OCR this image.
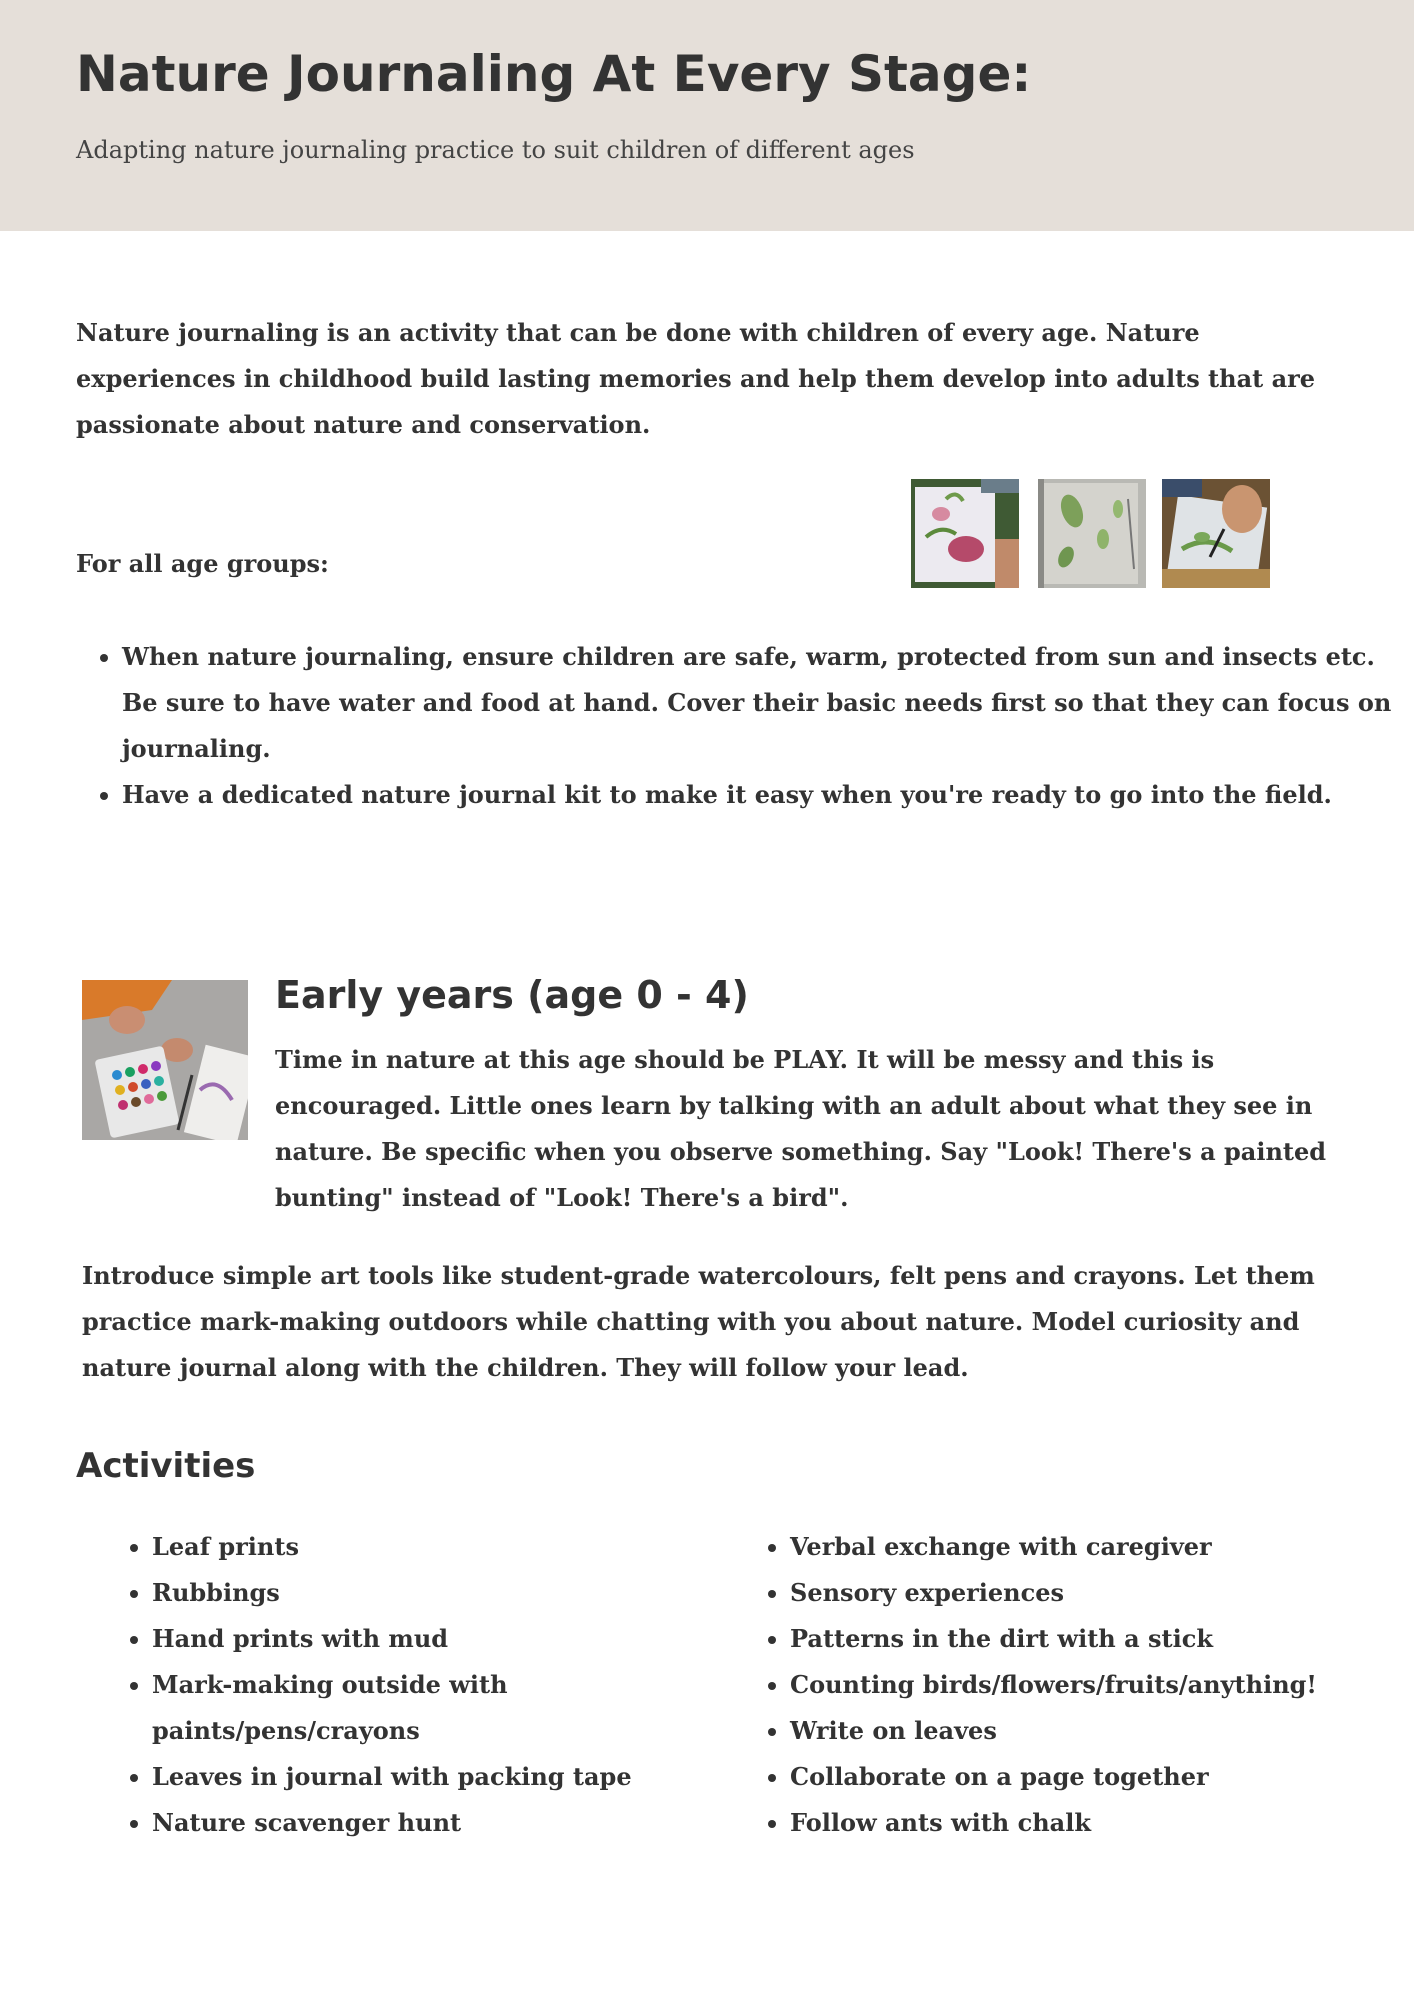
Nature Journaling At Every Stage:

Adapting nature journaling practice to suit children of different ages

Nature journaling is an activity that can be done with children of every age. Nature experiences in childhood build lasting memories and help them develop into adults that are passionate about nature and conservation.

For all age groups:

• When nature journaling, ensure children are safe, warm, protected from sun and insects etc. Be sure to have water and food at hand. Cover their basic needs first so that they can focus on journaling.
• Have a dedicated nature journal kit to make it easy when you're ready to go into the field.
Early years (age 0 - 4)

Time in nature at this age should be PLAY. It will be messy and this is encouraged. Little ones learn by talking with an adult about what they see in nature. Be specific when you observe something. Say "Look! There's a painted bunting" instead of "Look! There's a bird".

Introduce simple art tools like student-grade watercolours, felt pens and crayons. Let them practice mark-making outdoors while chatting with you about nature. Model curiosity and nature journal along with the children. They will follow your lead.

Activities
• Leaf prints
• Rubbings
• Hand prints with mud
• Mark-making outside with paints/pens/crayons
• Leaves in journal with packing tape
• Nature scavenger hunt
• Verbal exchange with caregiver
• Sensory experiences
• Patterns in the dirt with a stick
• Counting birds/flowers/fruits/anything!
• Write on leaves
• Collaborate on a page together
• Follow ants with chalk
